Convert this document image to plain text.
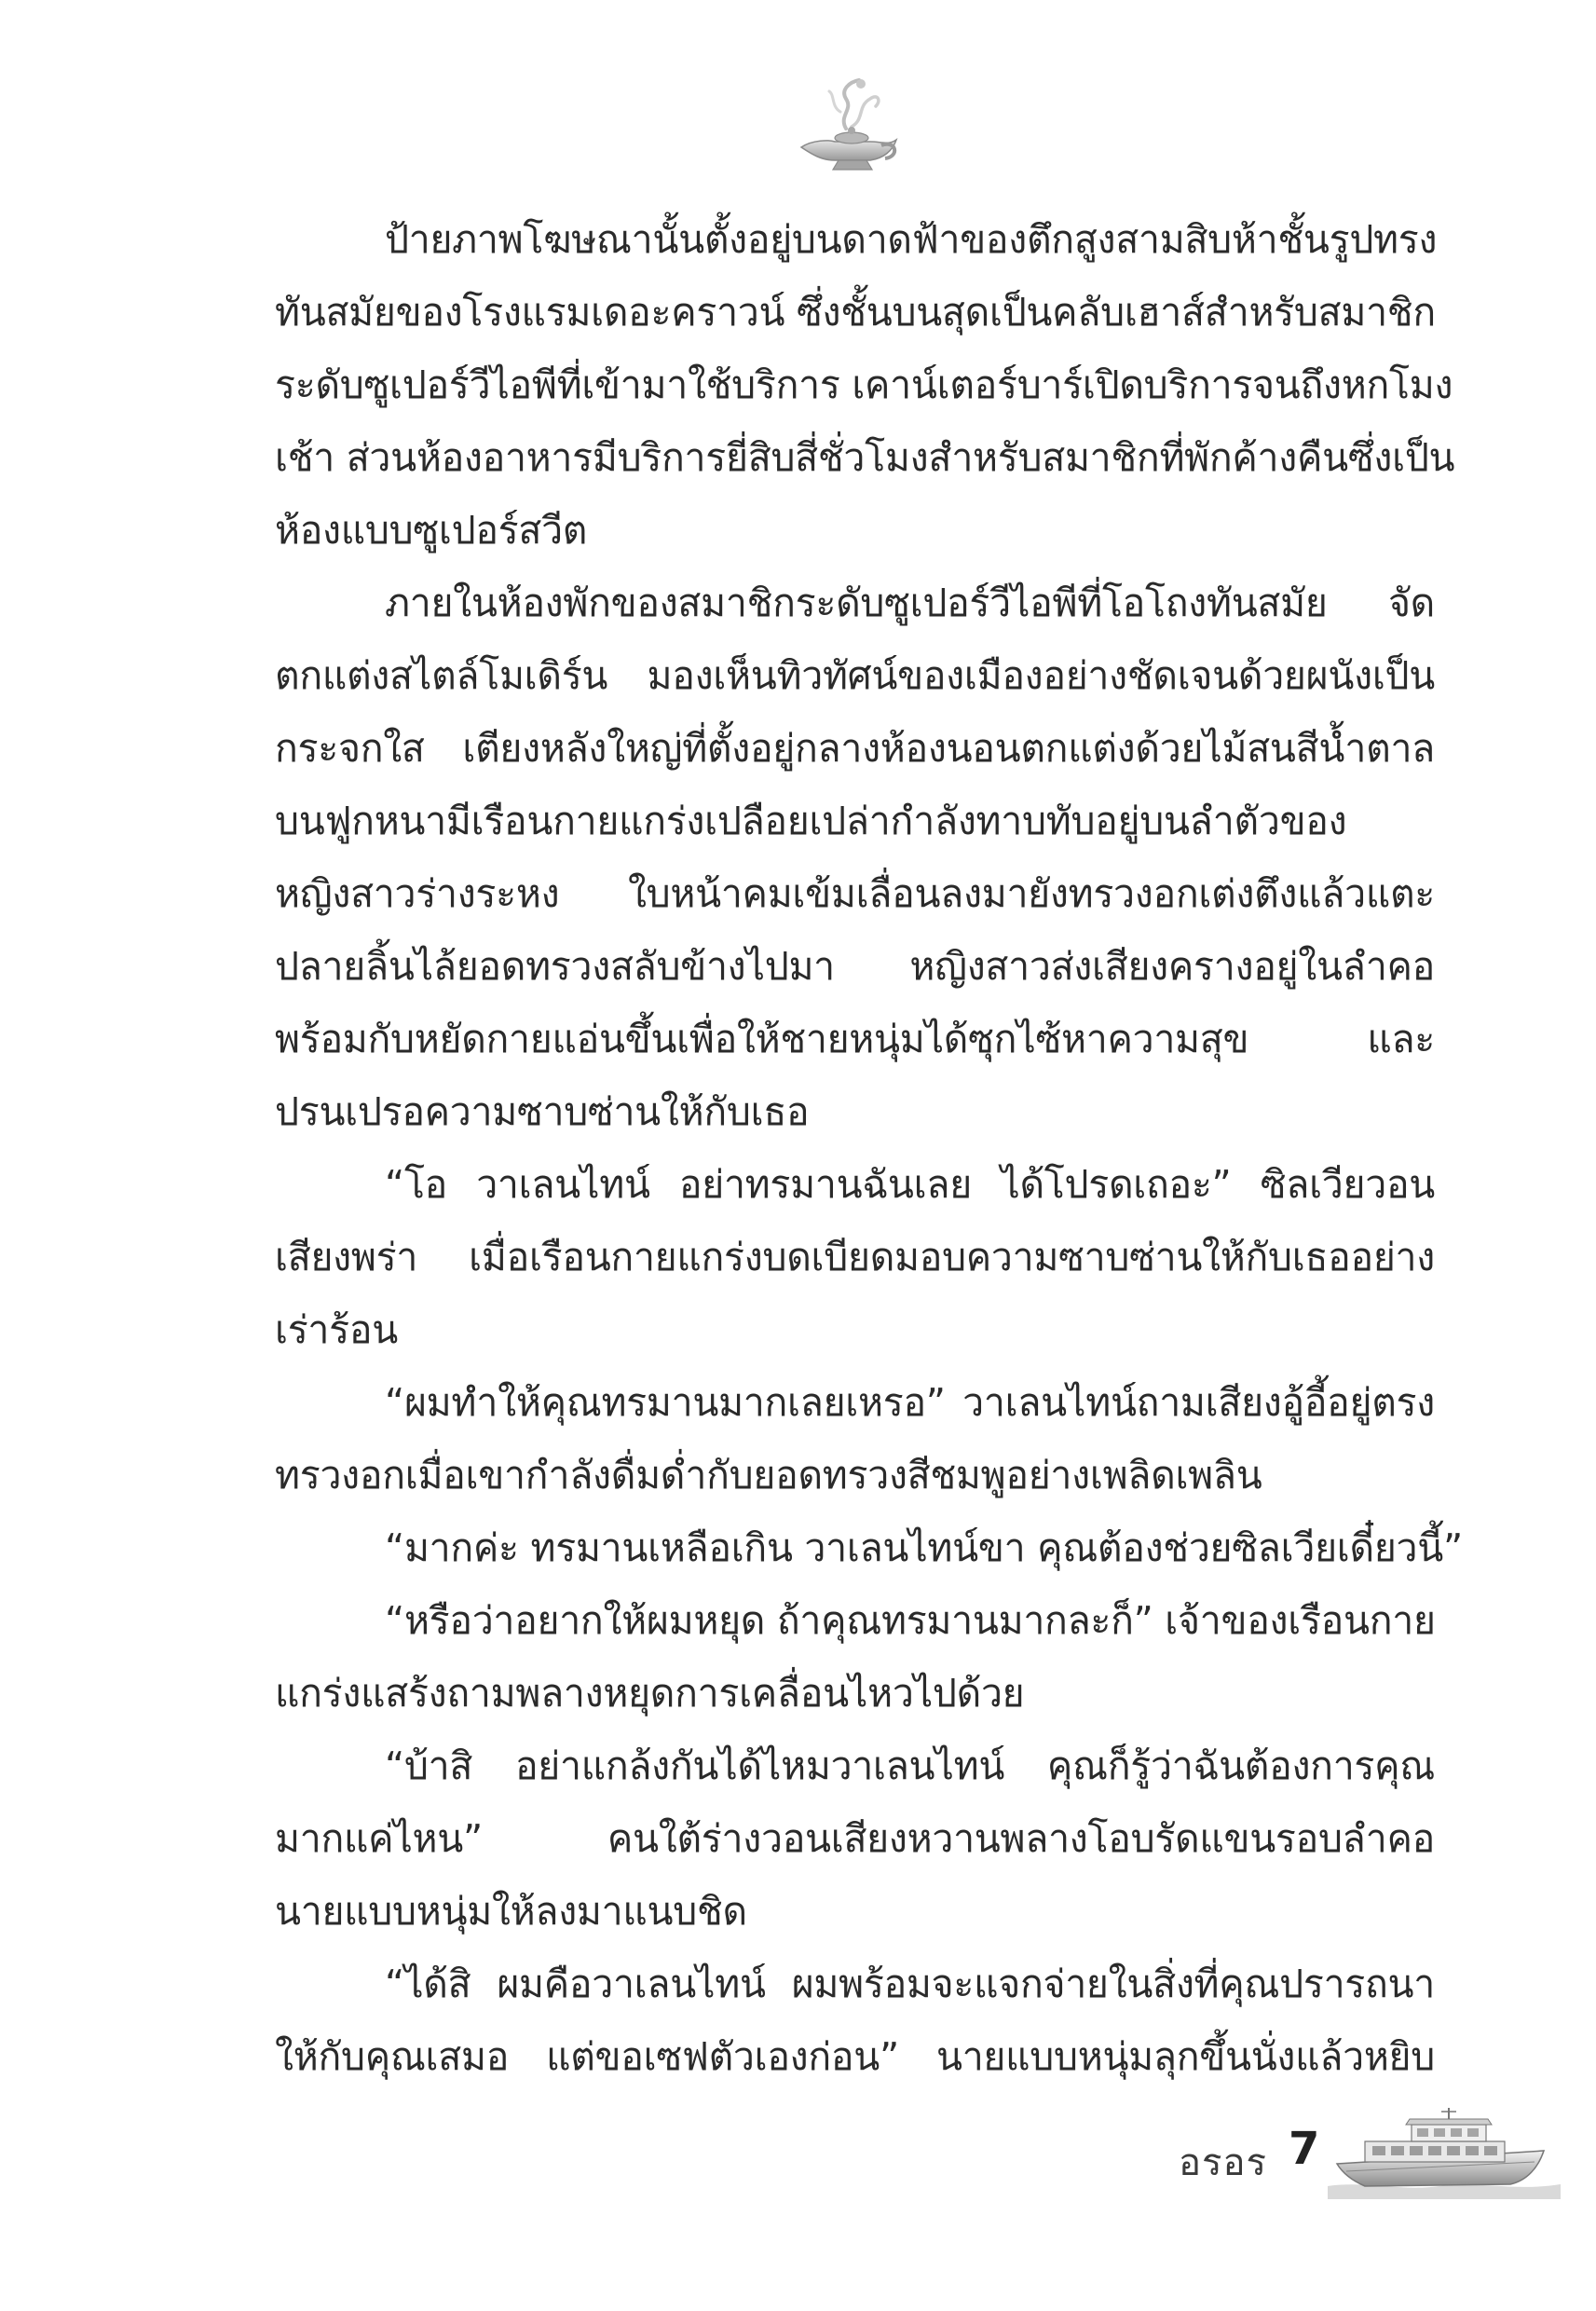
ป้ายภาพโฆษณานั้นตั้งอยู่บนดาดฟ้าของตึกสูงสามสิบห้าชั้นรูปทรง
ทันสมัยของโรงแรมเดอะคราวน์ ซึ่งชั้นบนสุดเป็นคลับเฮาส์สำหรับสมาชิก
ระดับซูเปอร์วีไอพีที่เข้ามาใช้บริการ เคาน์เตอร์บาร์เปิดบริการจนถึงหกโมง
เช้า ส่วนห้องอาหารมีบริการยี่สิบสี่ชั่วโมงสำหรับสมาชิกที่พักค้างคืนซึ่งเป็น
ห้องแบบซูเปอร์สวีต
ภายในห้องพักของสมาชิกระดับซูเปอร์วีไอพีที่โอโถงทันสมัย จัด
ตกแต่งสไตล์โมเดิร์น มองเห็นทิวทัศน์ของเมืองอย่างชัดเจนด้วยผนังเป็น
กระจกใส เตียงหลังใหญ่ที่ตั้งอยู่กลางห้องนอนตกแต่งด้วยไม้สนสีน้ำตาล
บนฟูกหนามีเรือนกายแกร่งเปลือยเปล่ากำลังทาบทับอยู่บนลำตัวของ
หญิงสาวร่างระหง ใบหน้าคมเข้มเลื่อนลงมายังทรวงอกเต่งตึงแล้วแตะ
ปลายลิ้นไล้ยอดทรวงสลับข้างไปมา หญิงสาวส่งเสียงครางอยู่ในลำคอ
พร้อมกับหยัดกายแอ่นขึ้นเพื่อให้ชายหนุ่มได้ซุกไซ้หาความสุข และ
ปรนเปรอความซาบซ่านให้กับเธอ
“โอ วาเลนไทน์ อย่าทรมานฉันเลย ได้โปรดเถอะ” ซิลเวียวอน
เสียงพร่า เมื่อเรือนกายแกร่งบดเบียดมอบความซาบซ่านให้กับเธออย่าง
เร่าร้อน
“ผมทำให้คุณทรมานมากเลยเหรอ” วาเลนไทน์ถามเสียงอู้อี้อยู่ตรง
ทรวงอกเมื่อเขากำลังดื่มด่ำกับยอดทรวงสีชมพูอย่างเพลิดเพลิน
“มากค่ะ ทรมานเหลือเกิน วาเลนไทน์ขา คุณต้องช่วยซิลเวียเดี๋ยวนี้”
“หรือว่าอยากให้ผมหยุด ถ้าคุณทรมานมากละก็” เจ้าของเรือนกาย
แกร่งแสร้งถามพลางหยุดการเคลื่อนไหวไปด้วย
“บ้าสิ อย่าแกล้งกันได้ไหมวาเลนไทน์ คุณก็รู้ว่าฉันต้องการคุณ
มากแค่ไหน” คนใต้ร่างวอนเสียงหวานพลางโอบรัดแขนรอบลำคอ
นายแบบหนุ่มให้ลงมาแนบชิด
“ได้สิ ผมคือวาเลนไทน์ ผมพร้อมจะแจกจ่ายในสิ่งที่คุณปรารถนา
ให้กับคุณเสมอ แต่ขอเซฟตัวเองก่อน” นายแบบหนุ่มลุกขึ้นนั่งแล้วหยิบ
อรอร 7
